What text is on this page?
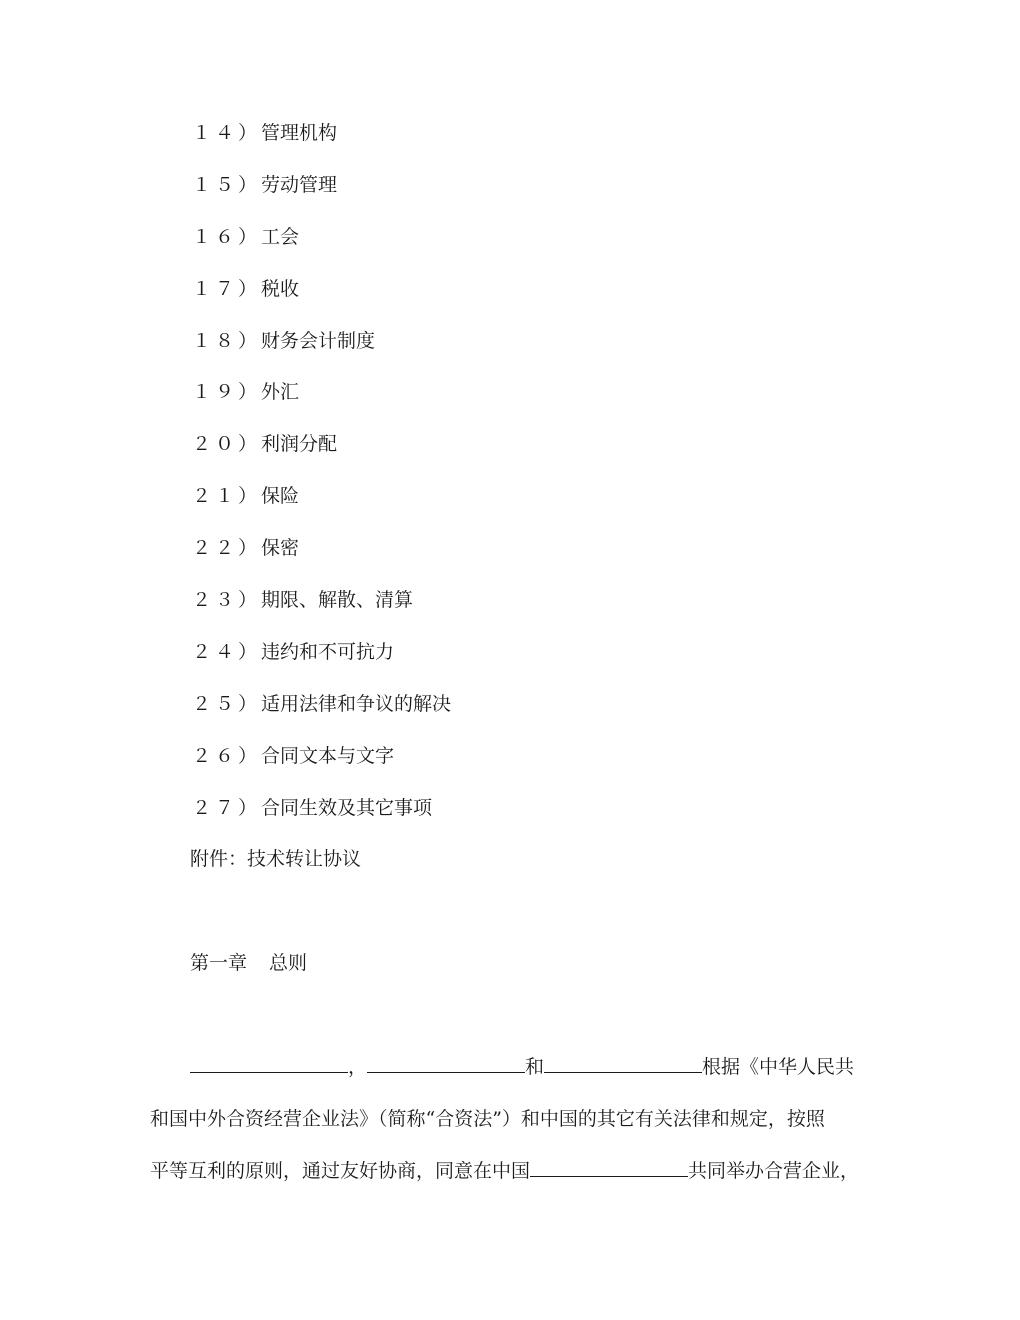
１４）管理机构
１５）劳动管理
１６）工会
１７）税收
１８）财务会计制度
１９）外汇
２０）利润分配
２１）保险
２２）保密
２３）期限、解散、清算
２４）违约和不可抗力
２５）适用法律和争议的解决
２６）合同文本与文字
２７）合同生效及其它事项
附件：技术转让协议
第一章 总则
，	和	根据《中华人民共
和国中外合资经营企业法》（简称“合资法”）和中国的其它有关法律和规定，按照
平等互利的原则，通过友好协商，同意在中国	共同举办合营企业，
